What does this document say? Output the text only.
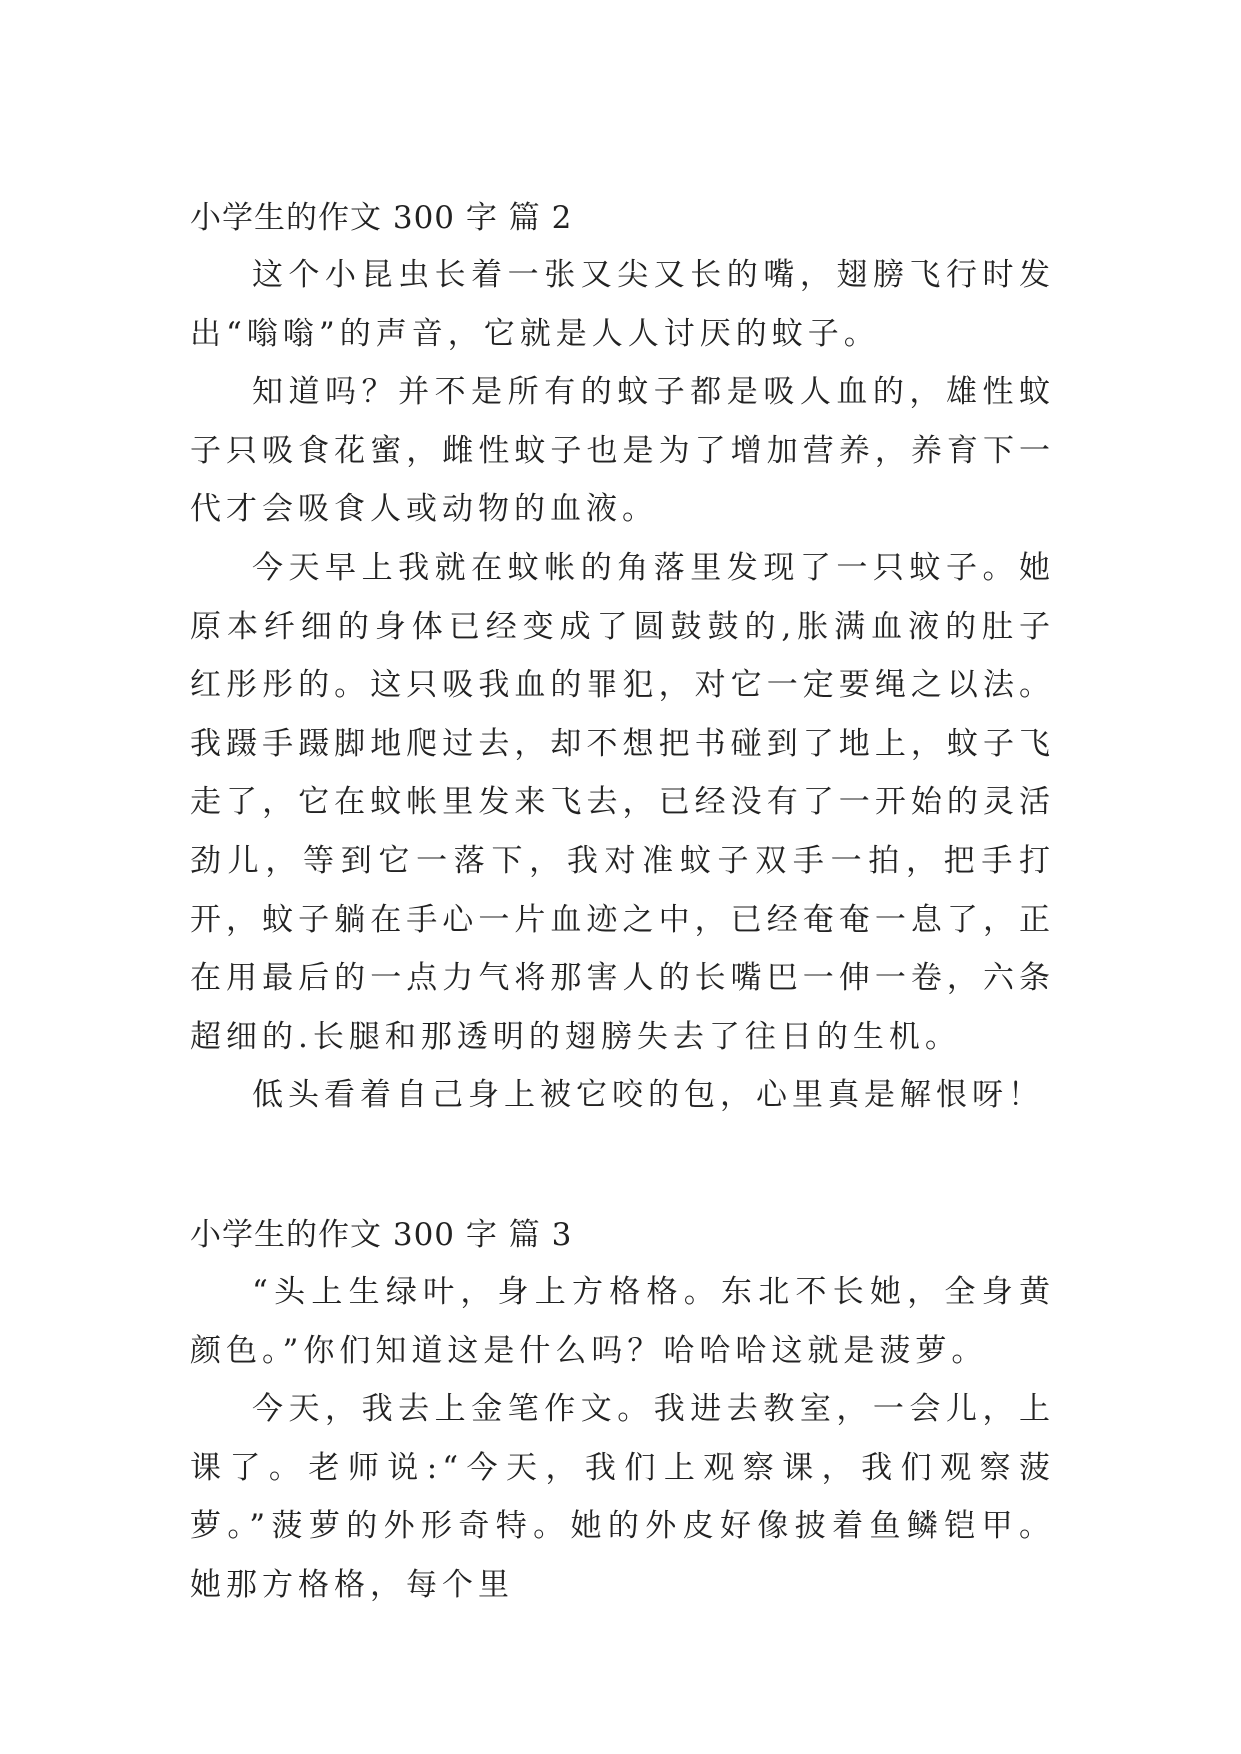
小学生的作文 300 字 篇 2

这个小昆虫长着一张又尖又长的嘴，翅膀飞行时发出“嗡嗡”的声音，它就是人人讨厌的蚊子。

知道吗？并不是所有的蚊子都是吸人血的，雄性蚊子只吸食花蜜，雌性蚊子也是为了增加营养，养育下一代才会吸食人或动物的血液。

今天早上我就在蚊帐的角落里发现了一只蚊子。她原本纤细的身体已经变成了圆鼓鼓的,胀满血液的肚子红彤彤的。这只吸我血的罪犯，对它一定要绳之以法。我蹑手蹑脚地爬过去，却不想把书碰到了地上，蚊子飞走了，它在蚊帐里发来飞去，已经没有了一开始的灵活劲儿，等到它一落下，我对准蚊子双手一拍，把手打开，蚊子躺在手心一片血迹之中，已经奄奄一息了，正在用最后的一点力气将那害人的长嘴巴一伸一卷，六条超细的.长腿和那透明的翅膀失去了往日的生机。

低头看着自己身上被它咬的包，心里真是解恨呀！

小学生的作文 300 字 篇 3

“头上生绿叶，身上方格格。东北不长她，全身黄颜色。”你们知道这是什么吗？哈哈哈这就是菠萝。

今天，我去上金笔作文。我进去教室，一会儿，上课了。老师说:“今天，我们上观察课，我们观察菠萝。”菠萝的外形奇特。她的外皮好像披着鱼鳞铠甲。她那方格格，每个里
